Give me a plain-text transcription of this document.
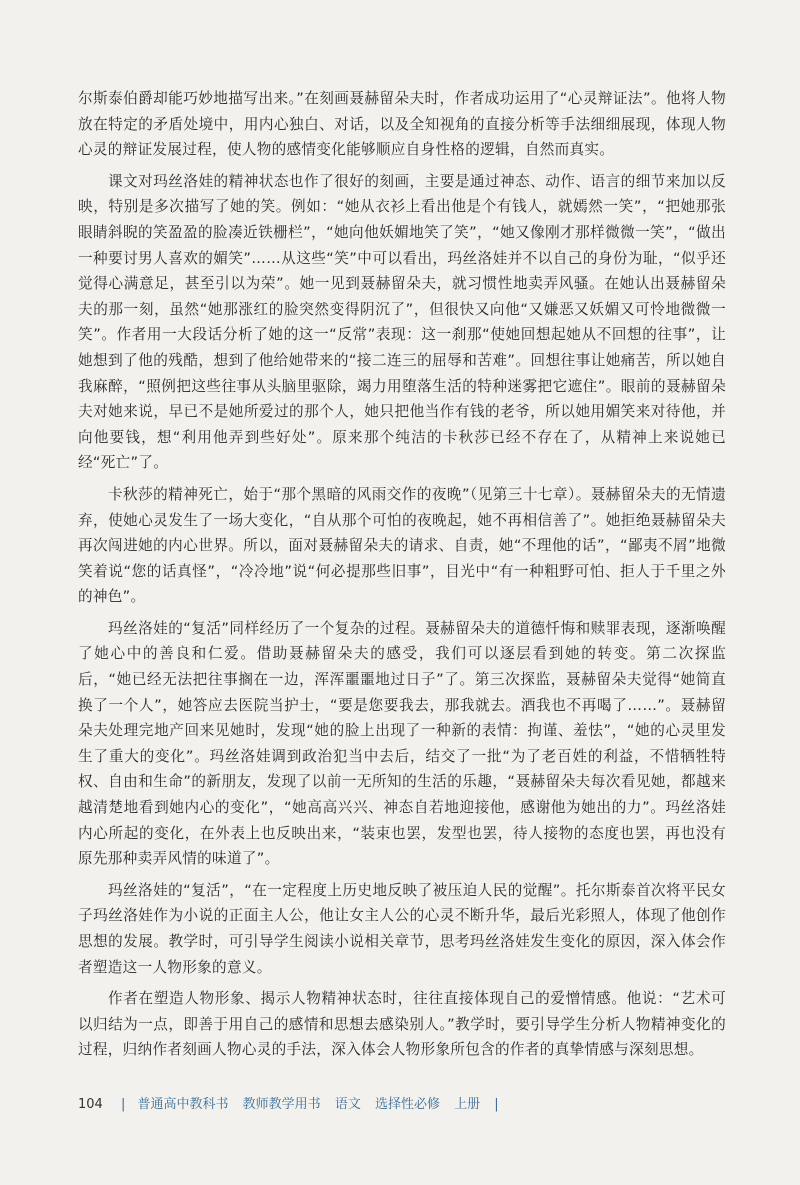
尔斯泰伯爵却能巧妙地描写出来。”在刻画聂赫留朵夫时，作者成功运用了“心灵辩证法”。他将人物放在特定的矛盾处境中，用内心独白、对话，以及全知视角的直接分析等手法细细展现，体现人物心灵的辩证发展过程，使人物的感情变化能够顺应自身性格的逻辑，自然而真实。

课文对玛丝洛娃的精神状态也作了很好的刻画，主要是通过神态、动作、语言的细节来加以反映，特别是多次描写了她的笑。例如：“她从衣衫上看出他是个有钱人，就嫣然一笑”，“把她那张眼睛斜睨的笑盈盈的脸凑近铁栅栏”，“她向他妖媚地笑了笑”，“她又像刚才那样微微一笑”，“做出一种要讨男人喜欢的媚笑”……从这些“笑”中可以看出，玛丝洛娃并不以自己的身份为耻，“似乎还觉得心满意足，甚至引以为荣”。她一见到聂赫留朵夫，就习惯性地卖弄风骚。在她认出聂赫留朵夫的那一刻，虽然“她那涨红的脸突然变得阴沉了”，但很快又向他“又嫌恶又妖媚又可怜地微微一笑”。作者用一大段话分析了她的这一“反常”表现：这一刹那“使她回想起她从不回想的往事”，让她想到了他的残酷，想到了他给她带来的“接二连三的屈辱和苦难”。回想往事让她痛苦，所以她自我麻醉，“照例把这些往事从头脑里驱除，竭力用堕落生活的特种迷雾把它遮住”。眼前的聂赫留朵夫对她来说，早已不是她所爱过的那个人，她只把他当作有钱的老爷，所以她用媚笑来对待他，并向他要钱，想“利用他弄到些好处”。原来那个纯洁的卡秋莎已经不存在了，从精神上来说她已经“死亡”了。

卡秋莎的精神死亡，始于“那个黑暗的风雨交作的夜晚”（见第三十七章）。聂赫留朵夫的无情遗弃，使她心灵发生了一场大变化，“自从那个可怕的夜晚起，她不再相信善了”。她拒绝聂赫留朵夫再次闯进她的内心世界。所以，面对聂赫留朵夫的请求、自责，她“不理他的话”，“鄙夷不屑”地微笑着说“您的话真怪”，“冷冷地”说“何必提那些旧事”，目光中“有一种粗野可怕、拒人于千里之外的神色”。

玛丝洛娃的“复活”同样经历了一个复杂的过程。聂赫留朵夫的道德忏悔和赎罪表现，逐渐唤醒了她心中的善良和仁爱。借助聂赫留朵夫的感受，我们可以逐层看到她的转变。第二次探监后，“她已经无法把往事搁在一边，浑浑噩噩地过日子”了。第三次探监，聂赫留朵夫觉得“她简直换了一个人”，她答应去医院当护士，“要是您要我去，那我就去。酒我也不再喝了……”。聂赫留朵夫处理完地产回来见她时，发现“她的脸上出现了一种新的表情：拘谨、羞怯”，“她的心灵里发生了重大的变化”。玛丝洛娃调到政治犯当中去后，结交了一批“为了老百姓的利益，不惜牺牲特权、自由和生命”的新朋友，发现了以前一无所知的生活的乐趣，“聂赫留朵夫每次看见她，都越来越清楚地看到她内心的变化”，“她高高兴兴、神态自若地迎接他，感谢他为她出的力”。玛丝洛娃内心所起的变化，在外表上也反映出来，“装束也罢，发型也罢，待人接物的态度也罢，再也没有原先那种卖弄风情的味道了”。

玛丝洛娃的“复活”，“在一定程度上历史地反映了被压迫人民的觉醒”。托尔斯泰首次将平民女子玛丝洛娃作为小说的正面主人公，他让女主人公的心灵不断升华，最后光彩照人，体现了他创作思想的发展。教学时，可引导学生阅读小说相关章节，思考玛丝洛娃发生变化的原因，深入体会作者塑造这一人物形象的意义。

作者在塑造人物形象、揭示人物精神状态时，往往直接体现自己的爱憎情感。他说：“艺术可以归结为一点，即善于用自己的感情和思想去感染别人。”教学时，要引导学生分析人物精神变化的过程，归纳作者刻画人物心灵的手法，深入体会人物形象所包含的作者的真挚情感与深刻思想。

104 | 普通高中教科书 教师教学用书 语文 选择性必修 上册 |
